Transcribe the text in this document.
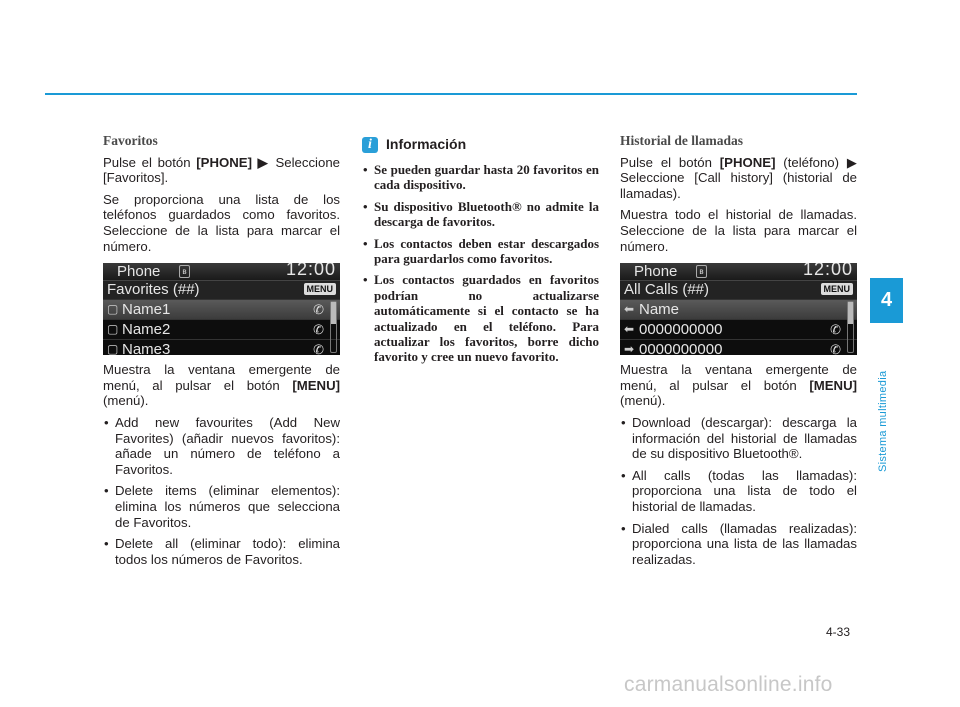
Favoritos

Pulse el botón [PHONE] ▶ Seleccione [Favoritos].

Se proporciona una lista de los teléfonos guardados como favoritos. Seleccione de la lista para marcar el número.

Phone	ʙ	12:00
Favorites (##)	MENU
▢ Name1	✆
▢ Name2	✆
▢ Name3	✆

Muestra la ventana emergente de menú, al pulsar el botón [MENU] (menú).

• Add new favourites (Add New Favorites) (añadir nuevos favoritos): añade un número de teléfono a Favoritos.
• Delete items (eliminar elementos): elimina los números que selecciona de Favoritos.
• Delete all (eliminar todo): elimina todos los números de Favoritos.
i	Información
• Se pueden guardar hasta 20 favoritos en cada dispositivo.
• Su dispositivo Bluetooth® no admite la descarga de favoritos.
• Los contactos deben estar descargados para guardarlos como favoritos.
• Los contactos guardados en favoritos podrían no actualizarse automáticamente si el contacto se ha actualizado en el teléfono. Para actualizar los favoritos, borre dicho favorito y cree un nuevo favorito.
Historial de llamadas

Pulse el botón [PHONE] (teléfono) ▶ Seleccione [Call history] (historial de llamadas).

Muestra todo el historial de llamadas. Seleccione de la lista para marcar el número.

Phone	ʙ	12:00
All Calls (##)	MENU
⬅ Name
⬅ 0000000000	✆
➡ 0000000000	✆

Muestra la ventana emergente de menú, al pulsar el botón [MENU] (menú).

• Download (descargar): descarga la información del historial de llamadas de su dispositivo Bluetooth®.
• All calls (todas las llamadas): proporciona una lista de todo el historial de llamadas.
• Dialed calls (llamadas realizadas): proporciona una lista de las llamadas realizadas.
4
Sistema multimedia
4-33
carmanualsonline.info
